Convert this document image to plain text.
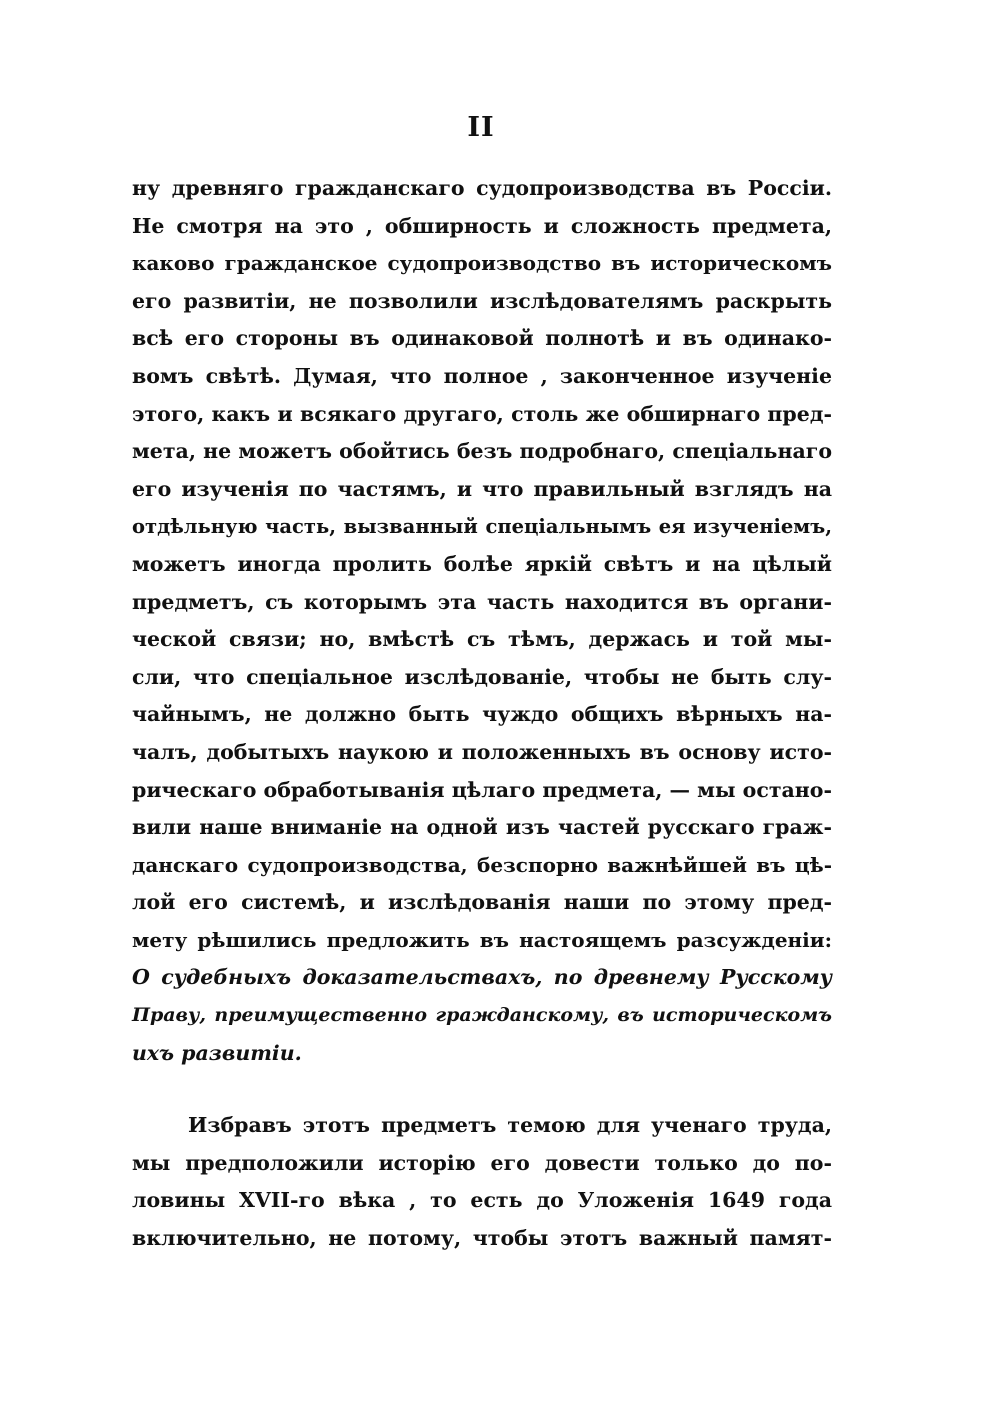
II
ну древняго гражданскаго судопроизводства въ Россіи.
Не смотря на это , обширность и сложность предмета,
каково гражданское судопроизводство въ историческомъ
его развитіи, не позволили изслѣдователямъ раскрыть
всѣ его стороны въ одинаковой полнотѣ и въ одинако-
вомъ свѣтѣ. Думая, что полное , законченное изученіе
этого, какъ и всякаго другаго, столь же обширнаго пред-
мета, не можетъ обойтись безъ подробнаго, спеціальнаго
его изученія по частямъ, и что правильный взглядъ на
отдѣльную часть, вызванный спеціальнымъ ея изученіемъ,
можетъ иногда пролить болѣе яркій свѣтъ и на цѣлый
предметъ, съ которымъ эта часть находится въ органи-
ческой связи; но, вмѣстѣ съ тѣмъ, держась и той мы-
сли, что спеціальное изслѣдованіе, чтобы не быть слу-
чайнымъ, не должно быть чуждо общихъ вѣрныхъ на-
чалъ, добытыхъ наукою и положенныхъ въ основу исто-
рическаго обработыванія цѣлаго предмета, — мы остано-
вили наше вниманіе на одной изъ частей русскаго граж-
данскаго судопроизводства, безспорно важнѣйшей въ цѣ-
лой его системѣ, и изслѣдованія наши по этому пред-
мету рѣшились предложить въ настоящемъ разсужденіи:
О судебныхъ доказательствахъ, по древнему Русскому
Праву, преимущественно гражданскому, въ историческомъ
ихъ развитіи.
Избравъ этотъ предметъ темою для ученаго труда,
мы предположили исторію его довести только до по-
ловины XVII-го вѣка , то есть до Уложенія 1649 года
включительно, не потому, чтобы этотъ важный памят-
